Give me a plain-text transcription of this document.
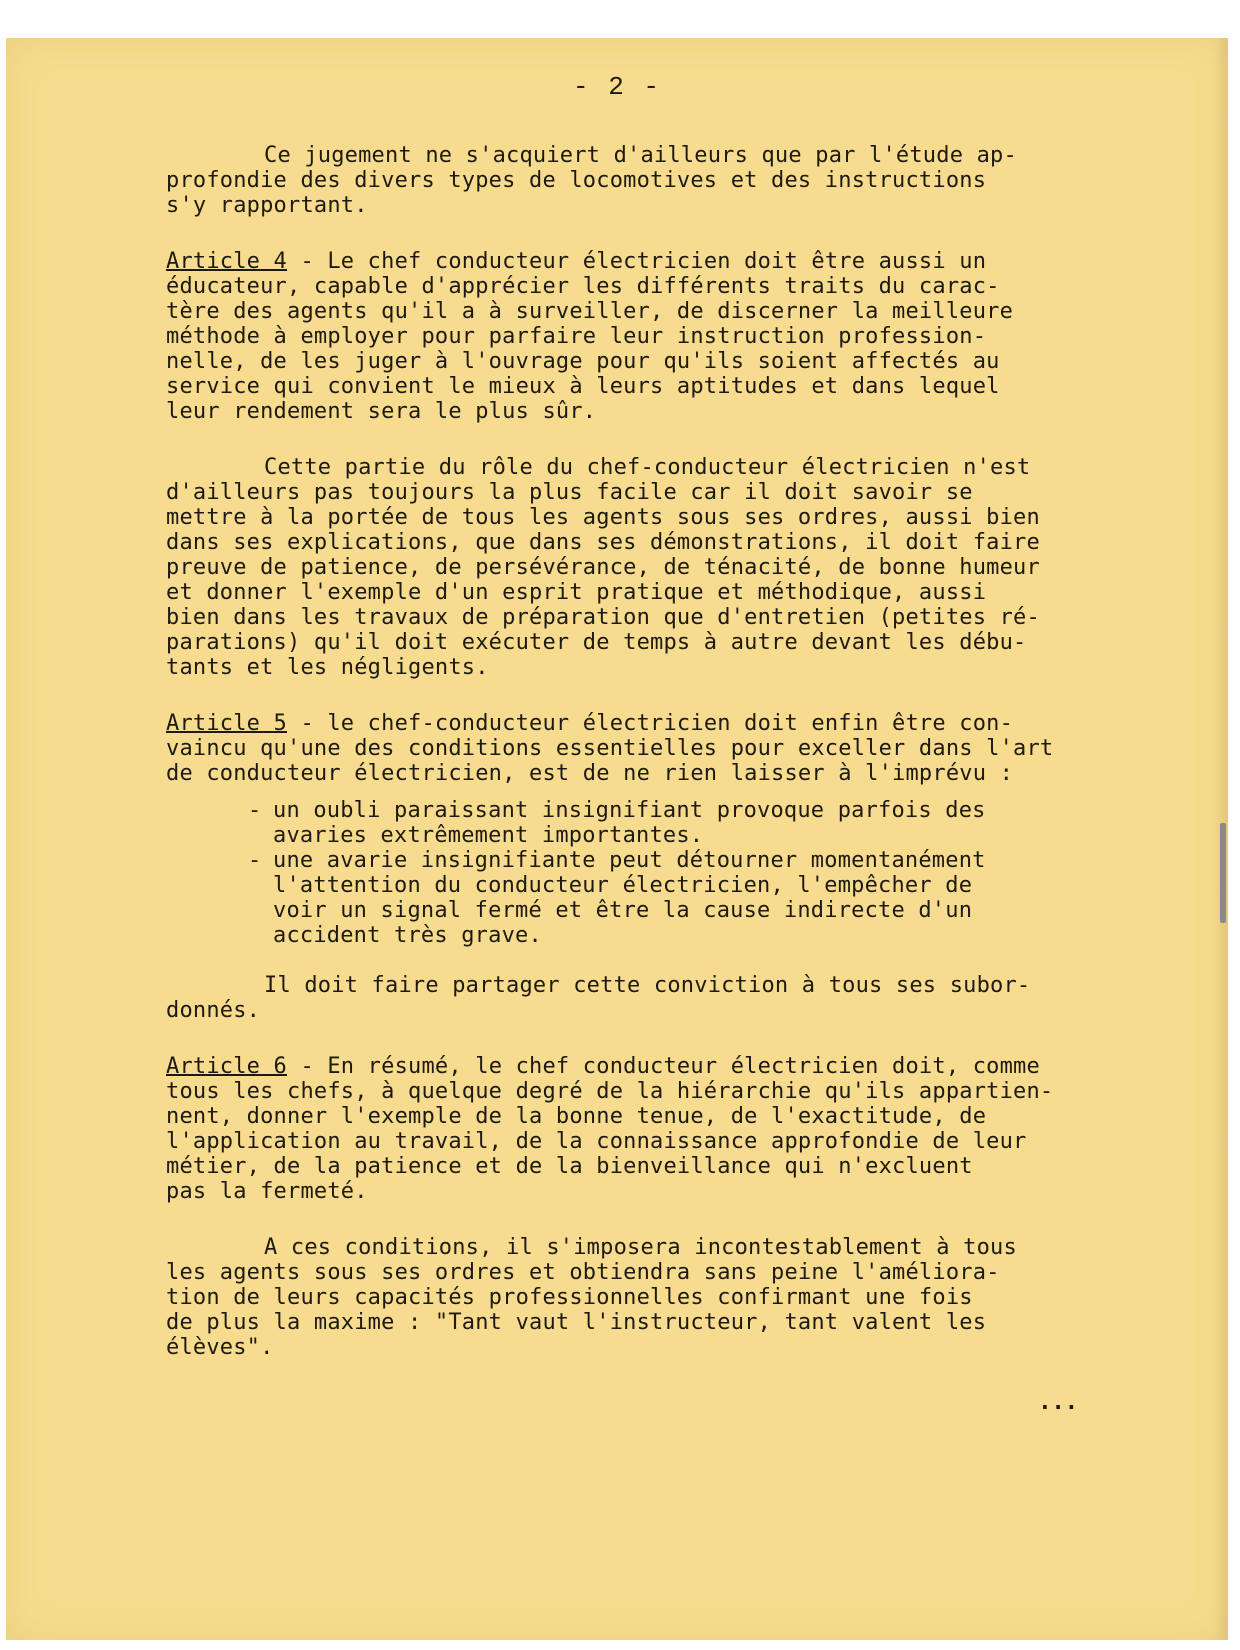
- 2 -
Ce jugement ne s'acquiert d'ailleurs que par l'étude ap-
profondie des divers types de locomotives et des instructions
s'y rapportant.
Article 4 - Le chef conducteur électricien doit être aussi un
éducateur, capable d'apprécier les différents traits du carac-
tère des agents qu'il a à surveiller, de discerner la meilleure
méthode à employer pour parfaire leur instruction profession-
nelle, de les juger à l'ouvrage pour qu'ils soient affectés au
service qui convient le mieux à leurs aptitudes et dans lequel
leur rendement sera le plus sûr.
Cette partie du rôle du chef-conducteur électricien n'est
d'ailleurs pas toujours la plus facile car il doit savoir se
mettre à la portée de tous les agents sous ses ordres, aussi bien
dans ses explications, que dans ses démonstrations, il doit faire
preuve de patience, de persévérance, de ténacité, de bonne humeur
et donner l'exemple d'un esprit pratique et méthodique, aussi
bien dans les travaux de préparation que d'entretien (petites ré-
parations) qu'il doit exécuter de temps à autre devant les débu-
tants et les négligents.
Article 5 - le chef-conducteur électricien doit enfin être con-
vaincu qu'une des conditions essentielles pour exceller dans l'art
de conducteur électricien, est de ne rien laisser à l'imprévu :
- un oubli paraissant insignifiant provoque parfois des
avaries extrêmement importantes.
- une avarie insignifiante peut détourner momentanément
l'attention du conducteur électricien, l'empêcher de
voir un signal fermé et être la cause indirecte d'un
accident très grave.
Il doit faire partager cette conviction à tous ses subor-
donnés.
Article 6 - En résumé, le chef conducteur électricien doit, comme
tous les chefs, à quelque degré de la hiérarchie qu'ils appartien-
nent, donner l'exemple de la bonne tenue, de l'exactitude, de
l'application au travail, de la connaissance approfondie de leur
métier, de la patience et de la bienveillance qui n'excluent
pas la fermeté.
A ces conditions, il s'imposera incontestablement à tous
les agents sous ses ordres et obtiendra sans peine l'améliora-
tion de leurs capacités professionnelles confirmant une fois
de plus la maxime : "Tant vaut l'instructeur, tant valent les
élèves".
...
